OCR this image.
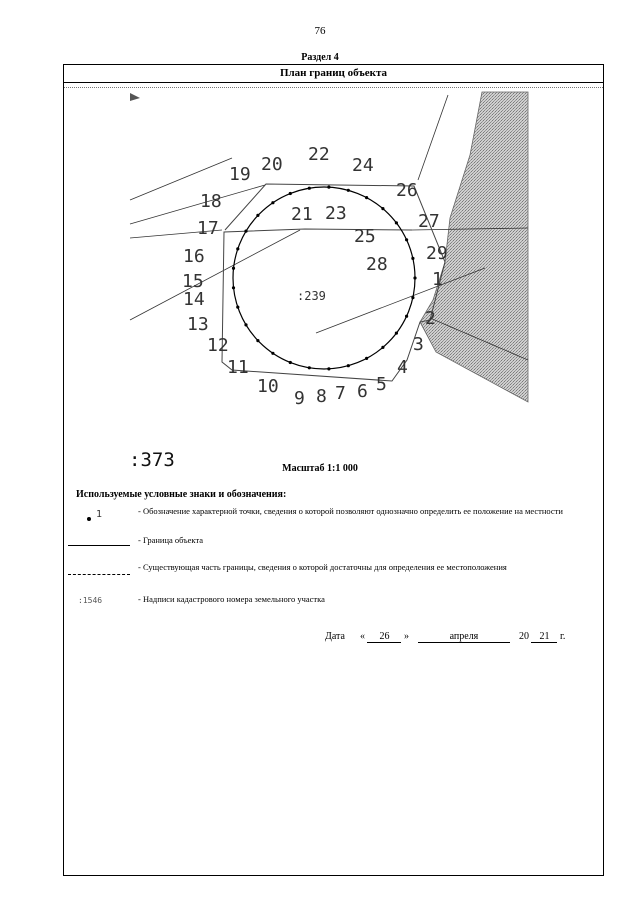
76
Раздел 4
План границ объекта
1
2
3
4
5
6
7
8
9
10
11
12
13
14
15
16
17
18
19 20
21
22
23
24
25
26
27
28
29
:239
:373	Масштаб 1:1 000
Используемые условные знаки и обозначения:
1	- Обозначение характерной точки, сведения о которой позволяют однозначно определить ее положение на местности
- Граница объекта
- Существующая часть границы, сведения о которой достаточны для определения ее местоположения
:1546	- Надписи кадастрового номера земельного участка
Дата « 26 »	апреля	20 21 г.
